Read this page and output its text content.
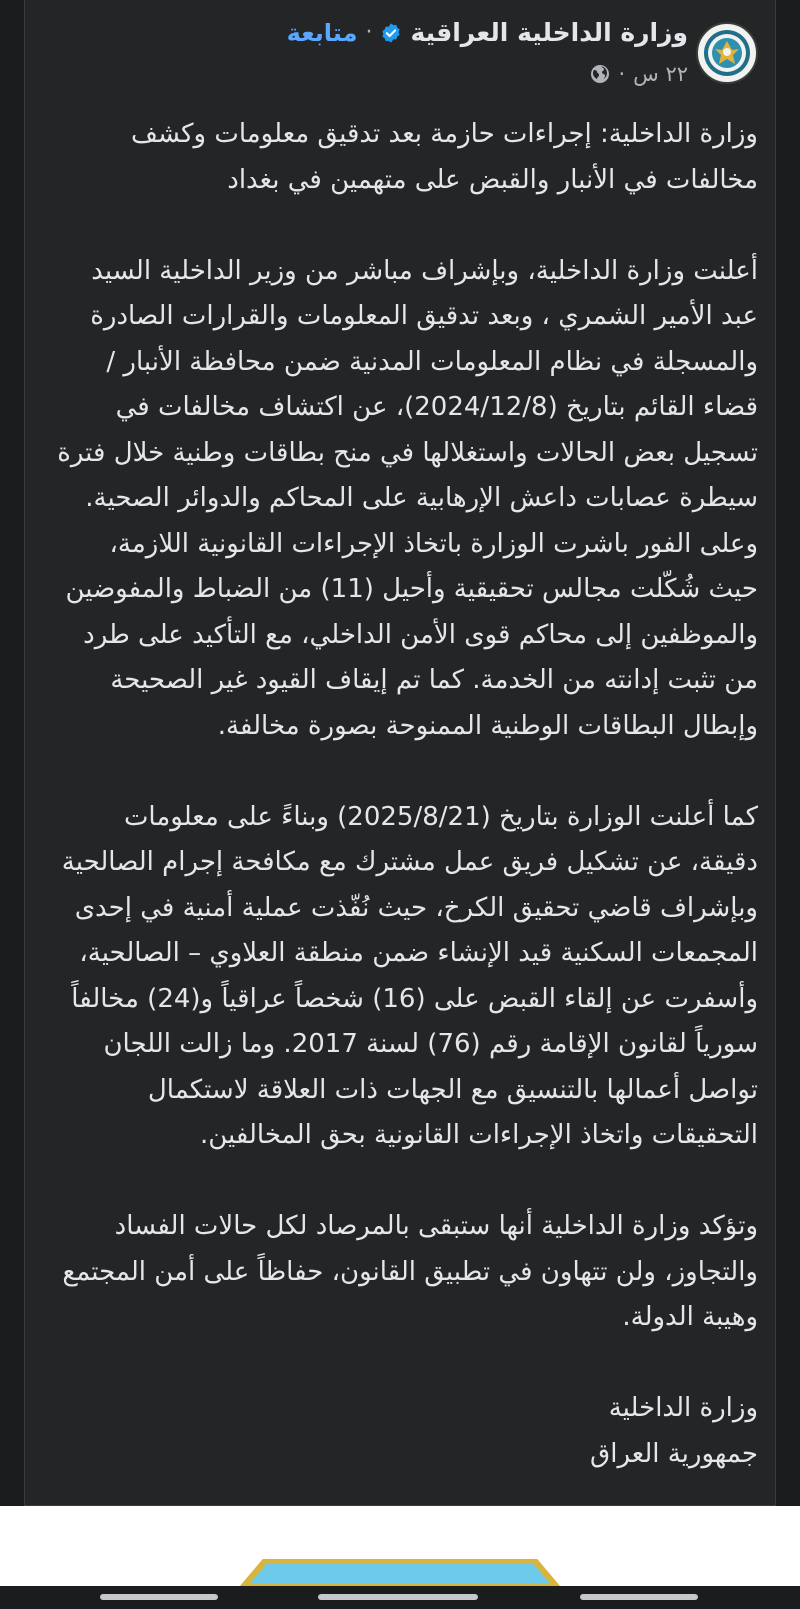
وزارة الداخلية العراقية
·
متابعة
٢٢ س
·
وزارة الداخلية: إجراءات حازمة بعد تدقيق معلومات وكشف مخالفات في الأنبار والقبض على متهمين في بغداد

أعلنت وزارة الداخلية، وبإشراف مباشر من وزير الداخلية السيد عبد الأمير الشمري ، وبعد تدقيق المعلومات والقرارات الصادرة والمسجلة في نظام المعلومات المدنية ضمن محافظة الأنبار / قضاء القائم بتاريخ (2024/12/8)، عن اكتشاف مخالفات في تسجيل بعض الحالات واستغلالها في منح بطاقات وطنية خلال فترة سيطرة عصابات داعش الإرهابية على المحاكم والدوائر الصحية.
وعلى الفور باشرت الوزارة باتخاذ الإجراءات القانونية اللازمة، حيث شُكّلت مجالس تحقيقية وأحيل (11) من الضباط والمفوضين والموظفين إلى محاكم قوى الأمن الداخلي، مع التأكيد على طرد من تثبت إدانته من الخدمة. كما تم إيقاف القيود غير الصحيحة وإبطال البطاقات الوطنية الممنوحة بصورة مخالفة.

كما أعلنت الوزارة بتاريخ (2025/8/21) وبناءً على معلومات دقيقة، عن تشكيل فريق عمل مشترك مع مكافحة إجرام الصالحية وبإشراف قاضي تحقيق الكرخ، حيث نُفّذت عملية أمنية في إحدى المجمعات السكنية قيد الإنشاء ضمن منطقة العلاوي – الصالحية، وأسفرت عن إلقاء القبض على (16) شخصاً عراقياً و(24) مخالفاً سورياً لقانون الإقامة رقم (76) لسنة 2017. وما زالت اللجان تواصل أعمالها بالتنسيق مع الجهات ذات العلاقة لاستكمال التحقيقات واتخاذ الإجراءات القانونية بحق المخالفين.

وتؤكد وزارة الداخلية أنها ستبقى بالمرصاد لكل حالات الفساد والتجاوز، ولن تتهاون في تطبيق القانون، حفاظاً على أمن المجتمع وهيبة الدولة.

وزارة الداخلية
جمهورية العراق
